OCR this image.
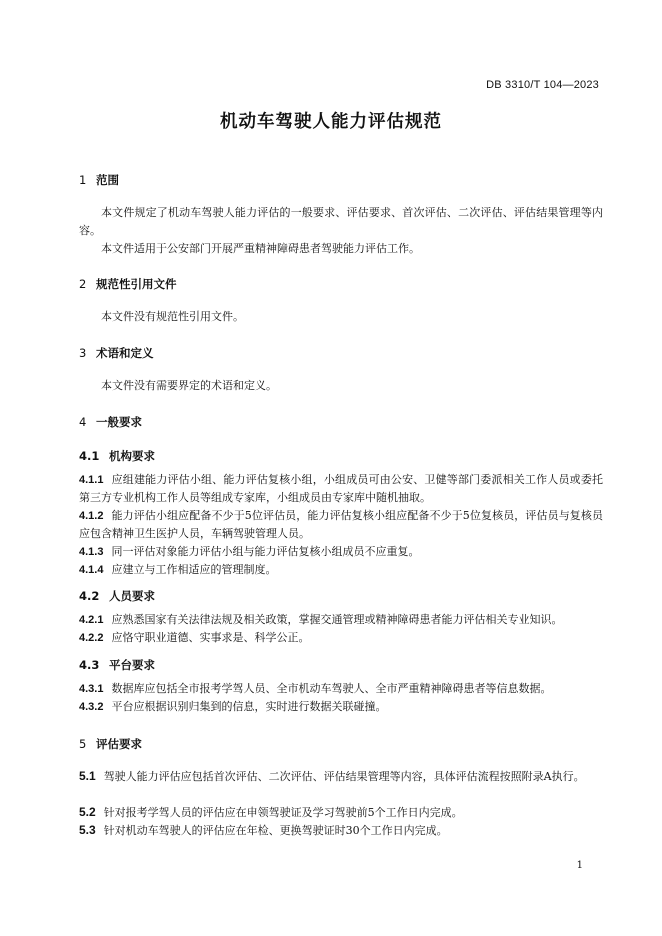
DB 3310/T 104—2023
机动车驾驶人能力评估规范
1 范围
本文件规定了机动车驾驶人能力评估的一般要求、评估要求、首次评估、二次评估、评估结果管理等内容。
本文件适用于公安部门开展严重精神障碍患者驾驶能力评估工作。
2 规范性引用文件
本文件没有规范性引用文件。
3 术语和定义
本文件没有需要界定的术语和定义。
4 一般要求
4.1 机构要求
4.1.1 应组建能力评估小组、能力评估复核小组，小组成员可由公安、卫健等部门委派相关工作人员或委托第三方专业机构工作人员等组成专家库，小组成员由专家库中随机抽取。
4.1.2 能力评估小组应配备不少于5位评估员，能力评估复核小组应配备不少于5位复核员，评估员与复核员应包含精神卫生医护人员，车辆驾驶管理人员。
4.1.3 同一评估对象能力评估小组与能力评估复核小组成员不应重复。
4.1.4 应建立与工作相适应的管理制度。
4.2 人员要求
4.2.1 应熟悉国家有关法律法规及相关政策，掌握交通管理或精神障碍患者能力评估相关专业知识。
4.2.2 应恪守职业道德、实事求是、科学公正。
4.3 平台要求
4.3.1 数据库应包括全市报考学驾人员、全市机动车驾驶人、全市严重精神障碍患者等信息数据。
4.3.2 平台应根据识别归集到的信息，实时进行数据关联碰撞。
5 评估要求
5.1 驾驶人能力评估应包括首次评估、二次评估、评估结果管理等内容，具体评估流程按照附录A执行。
5.2 针对报考学驾人员的评估应在申领驾驶证及学习驾驶前5个工作日内完成。
5.3 针对机动车驾驶人的评估应在年检、更换驾驶证时30个工作日内完成。
1
